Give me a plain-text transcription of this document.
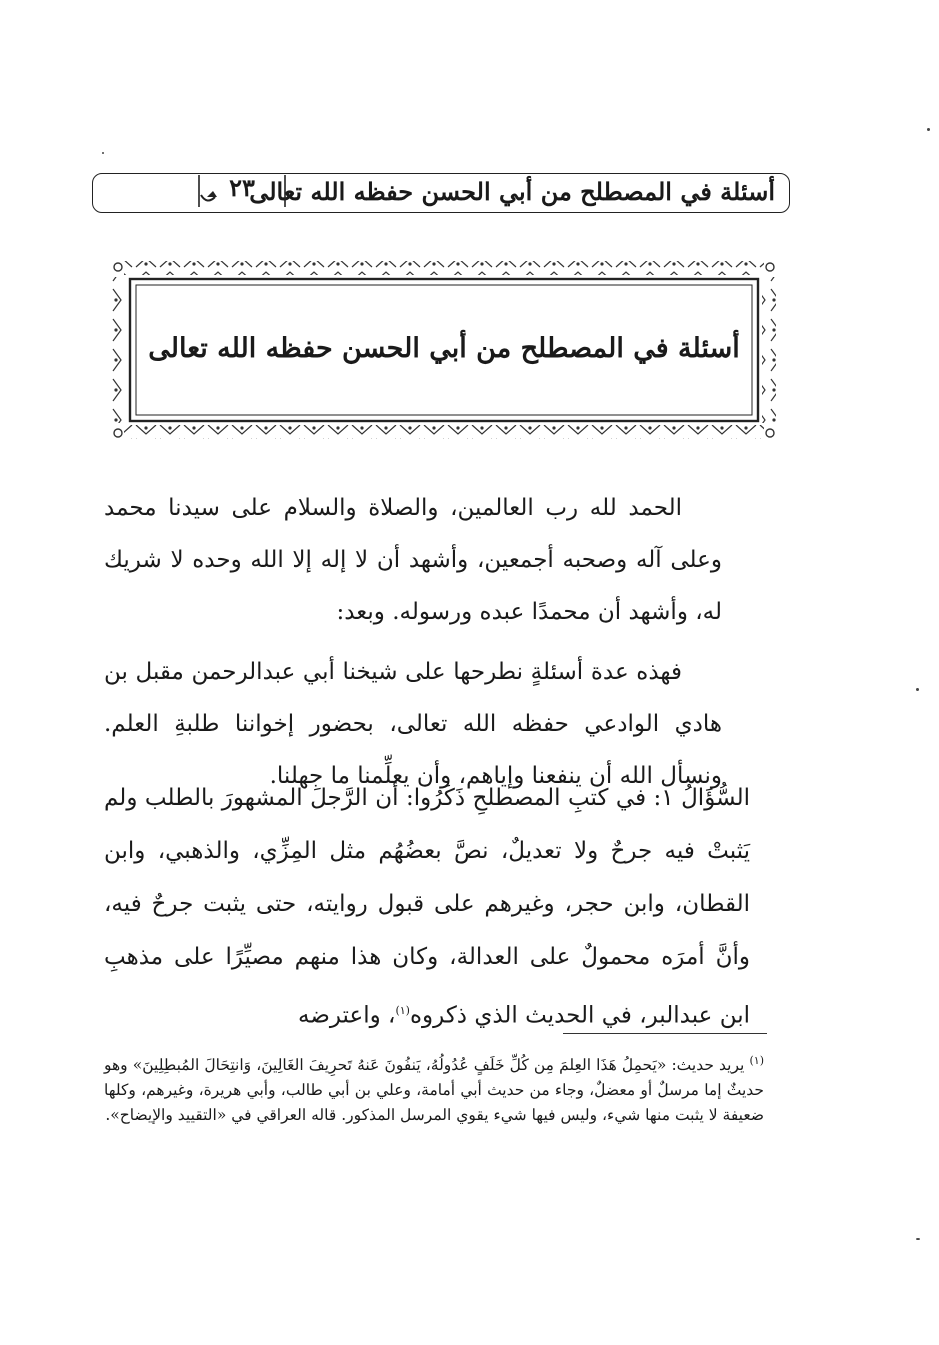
أسئلة في المصطلح من أبي الحسن حفظه الله تعالى
٢٣
أسئلة في المصطلح من أبي الحسن حفظه الله تعالى

الحمد لله رب العالمين، والصلاة والسلام على سيدنا محمد وعلى آله وصحبه أجمعين، وأشهد أن لا إله إلا الله وحده لا شريك له، وأشهد أن محمدًا عبده ورسوله. وبعد:

فهذه عدة أسئلةٍ نطرحها على شيخنا أبي عبدالرحمن مقبل بن هادي الوادعي حفظه الله تعالى، بحضور إخواننا طلبةِ العلم. ونسأل الله أن ينفعنا وإياهم، وأن يعلِّمنا ما جهلنا.

السُّؤَالُ ١: في كتبِ المصطلحِ ذَكَرُوا: أن الرَّجلَ المشهورَ بالطلب ولم يَثبتْ فيه جرحٌ ولا تعديلٌ، نصَّ بعضُهُم مثل المِزِّي، والذهبي، وابن القطان، وابن حجر، وغيرهم على قبول روايته، حتى يثبت جرحٌ فيه، وأنَّ أمرَه محمولٌ على العدالة، وكان هذا منهم مصيِّرًا على مذهبِ ابن عبدالبر، في الحديث الذي ذكروه$^{(١)}$، واعترضه
$^{(١)}$ يريد حديث: «يَحمِلُ هَذَا العِلمَ مِن كُلِّ خَلَفٍ عُدُولُهُ، يَنفُونَ عَنهُ تَحرِيفَ الغَالِينَ، وَانتِحَالَ المُبطِلِينَ» وهو حديثٌ إما مرسلٌ أو معضلٌ، وجاء من حديث أبي أمامة، وعلي بن أبي طالب، وأبي هريرة، وغيرهم، وكلها ضعيفة لا يثبت منها شيء، وليس فيها شيء يقوي المرسل المذكور. قاله العراقي في «التقييد والإيضاح».
